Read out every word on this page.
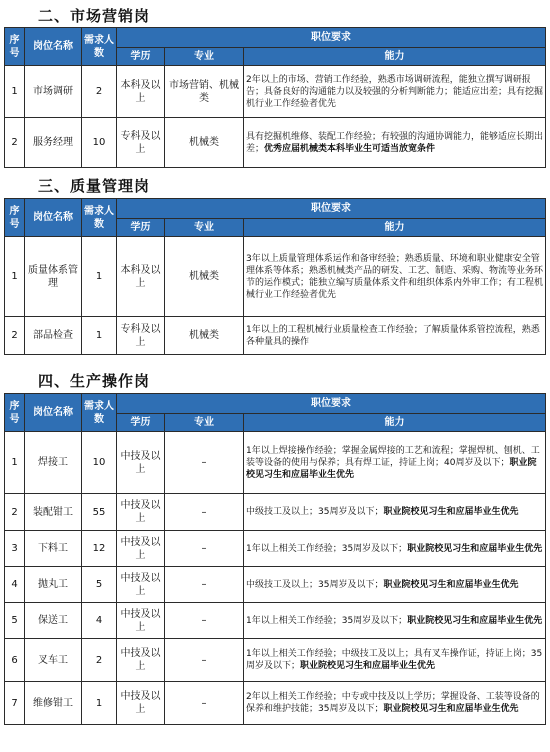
二、市场营销岗
序号	岗位名称	需求人数	职位要求		
			学历	专业	能力
1	市场调研	2	本科及以上	市场营销、机械类	2年以上的市场、营销工作经验，熟悉市场调研流程，能独立撰写调研报告；具备良好的沟通能力以及较强的分析判断能力；能适应出差；具有挖掘机行业工作经验者优先
2	服务经理	10	专科及以上	机械类	具有挖掘机维修、装配工作经验；有较强的沟通协调能力，能够适应长期出差；优秀应届机械类本科毕业生可适当放宽条件
三、质量管理岗
序号	岗位名称	需求人数	职位要求		
			学历	专业	能力
1	质量体系管理	1	本科及以上	机械类	3年以上质量管理体系运作和备审经验；熟悉质量、环境和职业健康安全管理体系等体系；熟悉机械类产品的研发、工艺、制造、采购、物流等业务环节的运作模式；能独立编写质量体系文件和组织体系内外审工作；有工程机械行业工作经验者优先
2	部品检查	1	专科及以上	机械类	1年以上的工程机械行业质量检查工作经验；了解质量体系管控流程，熟悉各种量具的操作
四、生产操作岗
序号	岗位名称	需求人数	职位要求		
			学历	专业	能力
1	焊接工	10	中技及以上	–	1年以上焊接操作经验；掌握金属焊接的工艺和流程；掌握焊机、刨机、工装等设备的使用与保养；具有焊工证，持证上岗；40周岁及以下；职业院校见习生和应届毕业生优先
2	装配钳工	55	中技及以上	–	中级技工及以上；35周岁及以下；职业院校见习生和应届毕业生优先
3	下料工	12	中技及以上	–	1年以上相关工作经验；35周岁及以下；职业院校见习生和应届毕业生优先
4	抛丸工	5	中技及以上	–	中级技工及以上；35周岁及以下；职业院校见习生和应届毕业生优先
5	保送工	4	中技及以上	–	1年以上相关工作经验；35周岁及以下；职业院校见习生和应届毕业生优先
6	叉车工	2	中技及以上	–	1年以上相关工作经验；中级技工及以上；具有叉车操作证，持证上岗；35周岁及以下；职业院校见习生和应届毕业生优先
7	维修钳工	1	中技及以上	–	2年以上相关工作经验；中专或中技及以上学历；掌握设备、工装等设备的保养和维护技能；35周岁及以下；职业院校见习生和应届毕业生优先
